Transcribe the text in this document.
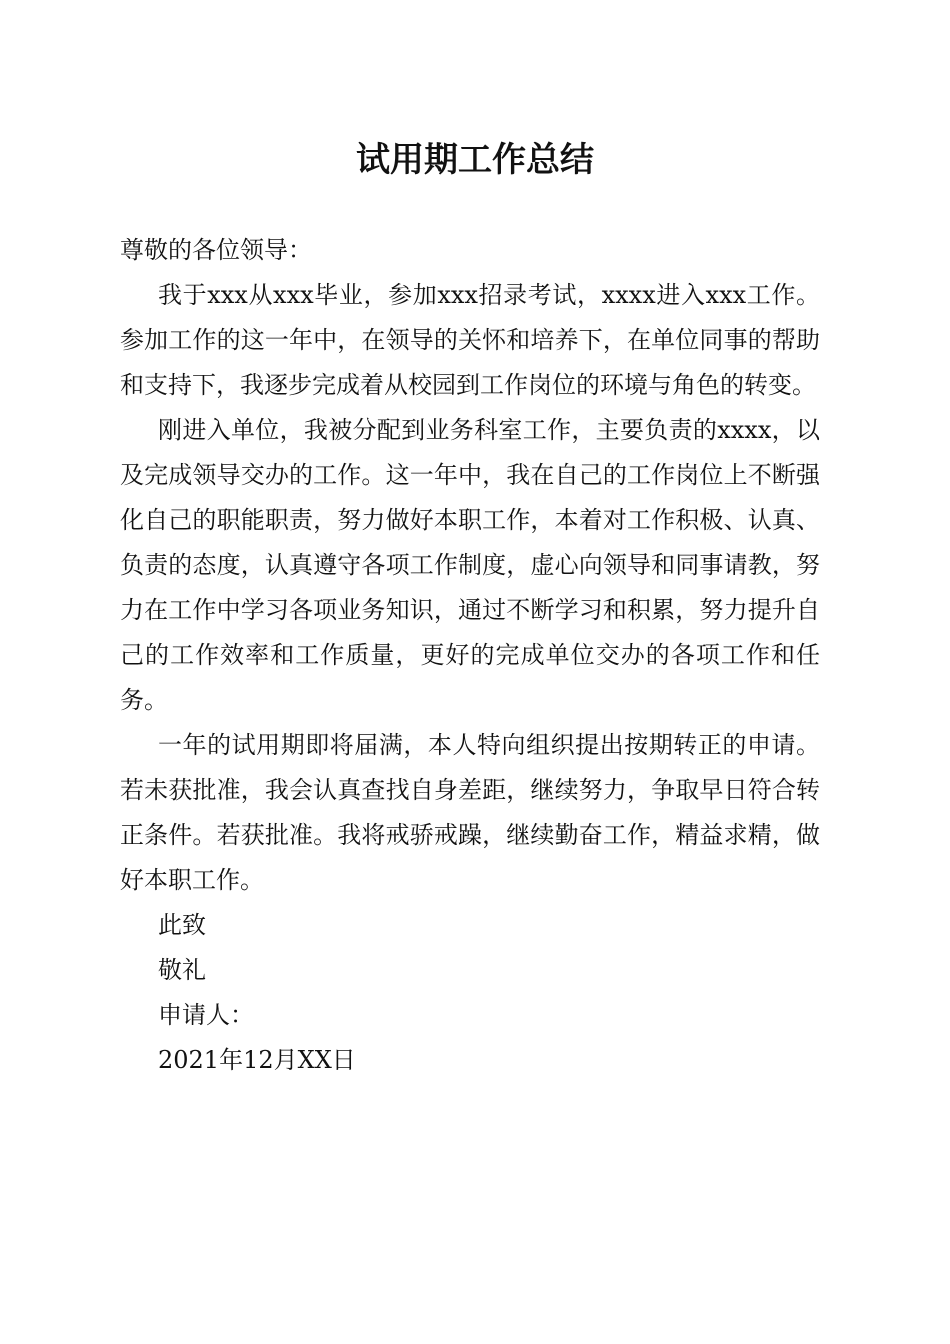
试用期工作总结

尊敬的各位领导：

我于xxx从xxx毕业，参加xxx招录考试，xxxx进入xxx工作。参加工作的这一年中，在领导的关怀和培养下，在单位同事的帮助和支持下，我逐步完成着从校园到工作岗位的环境与角色的转变。

刚进入单位，我被分配到业务科室工作，主要负责的xxxx，以及完成领导交办的工作。这一年中，我在自己的工作岗位上不断强化自己的职能职责，努力做好本职工作，本着对工作积极、认真、负责的态度，认真遵守各项工作制度，虚心向领导和同事请教，努力在工作中学习各项业务知识，通过不断学习和积累，努力提升自己的工作效率和工作质量，更好的完成单位交办的各项工作和任务。

一年的试用期即将届满，本人特向组织提出按期转正的申请。若未获批准，我会认真查找自身差距，继续努力，争取早日符合转正条件。若获批准。我将戒骄戒躁，继续勤奋工作，精益求精，做好本职工作。

此致

敬礼

申请人：

2021年12月XX日
